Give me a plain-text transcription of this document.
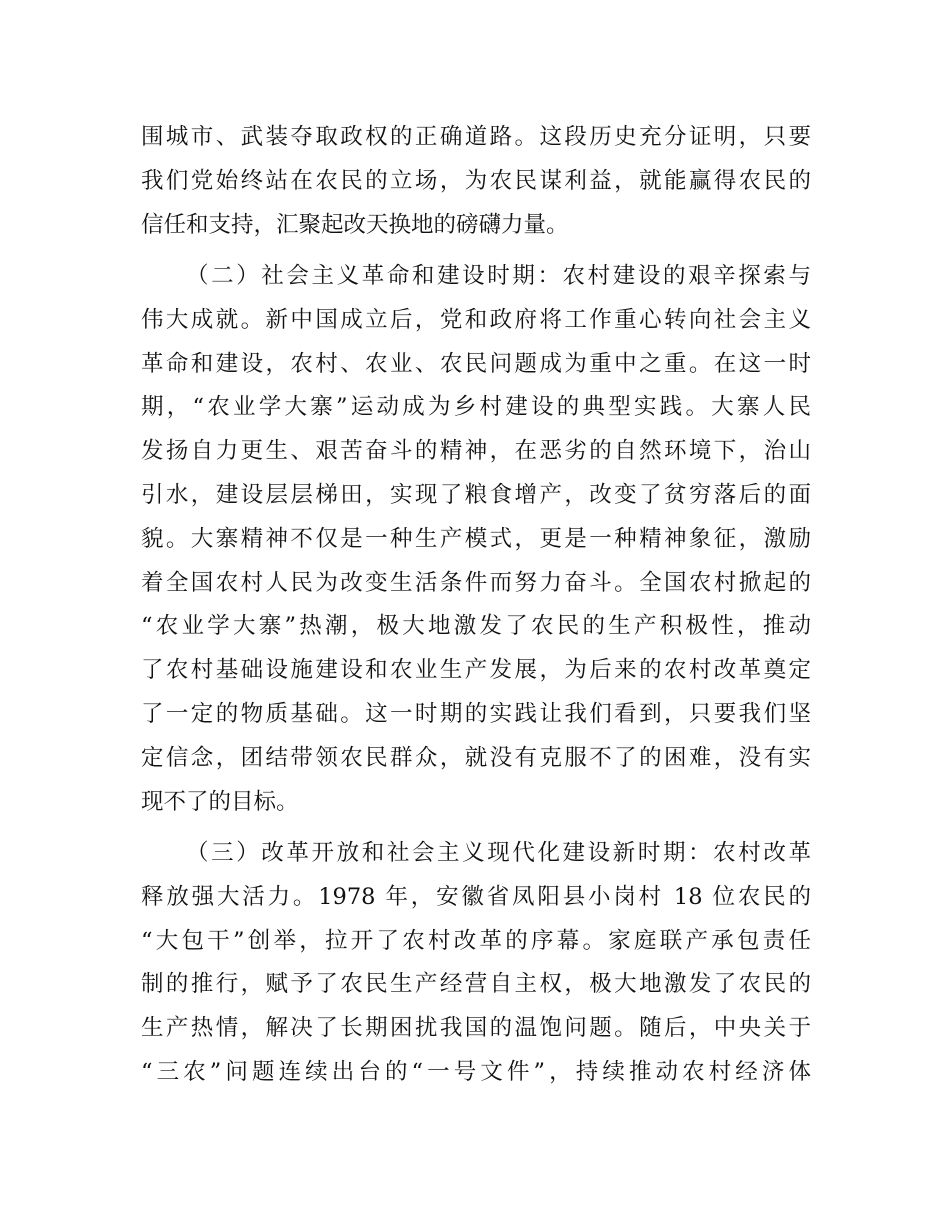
围城市、武装夺取政权的正确道路。这段历史充分证明，只要
我们党始终站在农民的立场，为农民谋利益，就能赢得农民的
信任和支持，汇聚起改天换地的磅礴力量。
（二）社会主义革命和建设时期：农村建设的艰辛探索与
伟大成就。新中国成立后，党和政府将工作重心转向社会主义
革命和建设，农村、农业、农民问题成为重中之重。在这一时
期，“农业学大寨”运动成为乡村建设的典型实践。大寨人民
发扬自力更生、艰苦奋斗的精神，在恶劣的自然环境下，治山
引水，建设层层梯田，实现了粮食增产，改变了贫穷落后的面
貌。大寨精神不仅是一种生产模式，更是一种精神象征，激励
着全国农村人民为改变生活条件而努力奋斗。全国农村掀起的
“农业学大寨”热潮，极大地激发了农民的生产积极性，推动
了农村基础设施建设和农业生产发展，为后来的农村改革奠定
了一定的物质基础。这一时期的实践让我们看到，只要我们坚
定信念，团结带领农民群众，就没有克服不了的困难，没有实
现不了的目标。
（三）改革开放和社会主义现代化建设新时期：农村改革
释放强大活力。1978 年，安徽省凤阳县小岗村 18 位农民的
“大包干”创举，拉开了农村改革的序幕。家庭联产承包责任
制的推行，赋予了农民生产经营自主权，极大地激发了农民的
生产热情，解决了长期困扰我国的温饱问题。随后，中央关于
“三农”问题连续出台的“一号文件”，持续推动农村经济体
